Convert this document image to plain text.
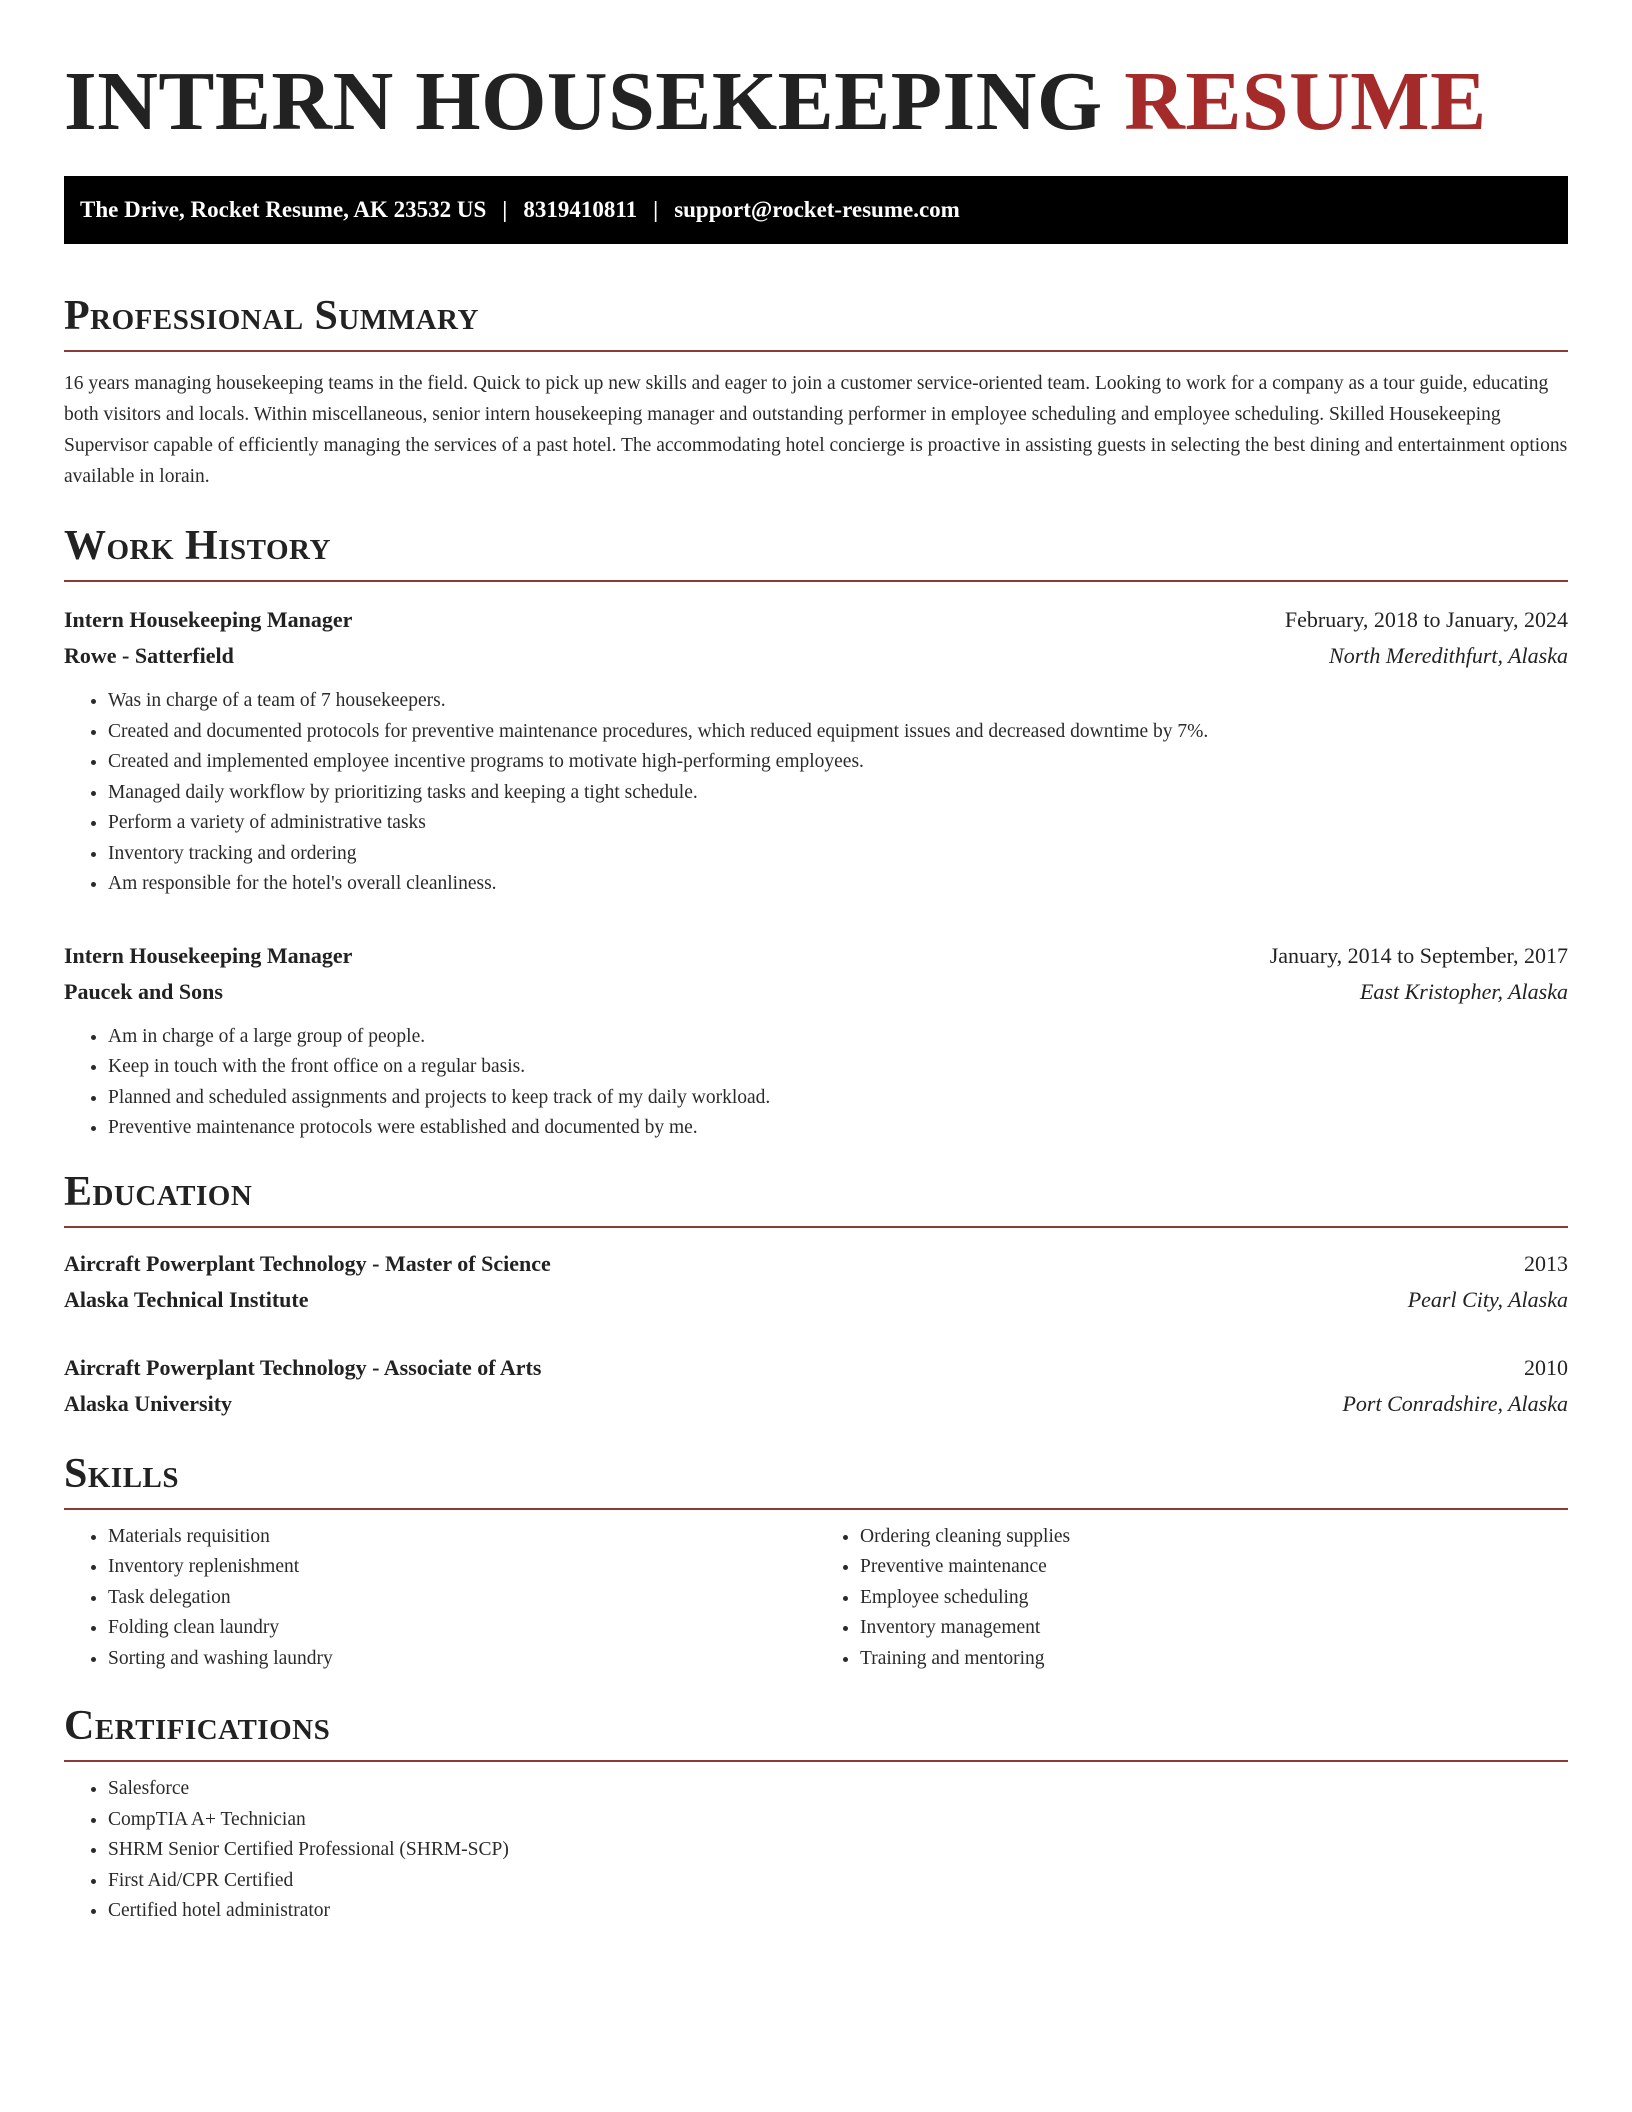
INTERN HOUSEKEEPING RESUME
The Drive, Rocket Resume, AK 23532 US | 8319410811 | support@rocket-resume.com
Professional Summary

16 years managing housekeeping teams in the field. Quick to pick up new skills and eager to join a customer service-oriented team. Looking to work for a company as a tour guide, educating both visitors and locals. Within miscellaneous, senior intern housekeeping manager and outstanding performer in employee scheduling and employee scheduling. Skilled Housekeeping Supervisor capable of efficiently managing the services of a past hotel. The accommodating hotel concierge is proactive in assisting guests in selecting the best dining and entertainment options available in lorain.

Work History
Intern Housekeeping Manager	February, 2018 to January, 2024
Rowe - Satterfield	North Meredithfurt, Alaska
• Was in charge of a team of 7 housekeepers.
• Created and documented protocols for preventive maintenance procedures, which reduced equipment issues and decreased downtime by 7%.
• Created and implemented employee incentive programs to motivate high-performing employees.
• Managed daily workflow by prioritizing tasks and keeping a tight schedule.
• Perform a variety of administrative tasks
• Inventory tracking and ordering
• Am responsible for the hotel's overall cleanliness.
Intern Housekeeping Manager	January, 2014 to September, 2017
Paucek and Sons	East Kristopher, Alaska
• Am in charge of a large group of people.
• Keep in touch with the front office on a regular basis.
• Planned and scheduled assignments and projects to keep track of my daily workload.
• Preventive maintenance protocols were established and documented by me.
Education
Aircraft Powerplant Technology - Master of Science	2013
Alaska Technical Institute	Pearl City, Alaska
Aircraft Powerplant Technology - Associate of Arts	2010
Alaska University	Port Conradshire, Alaska
Skills
• Materials requisition
• Inventory replenishment
• Task delegation
• Folding clean laundry
• Sorting and washing laundry
• Ordering cleaning supplies
• Preventive maintenance
• Employee scheduling
• Inventory management
• Training and mentoring
Certifications
• Salesforce
• CompTIA A+ Technician
• SHRM Senior Certified Professional (SHRM-SCP)
• First Aid/CPR Certified
• Certified hotel administrator
